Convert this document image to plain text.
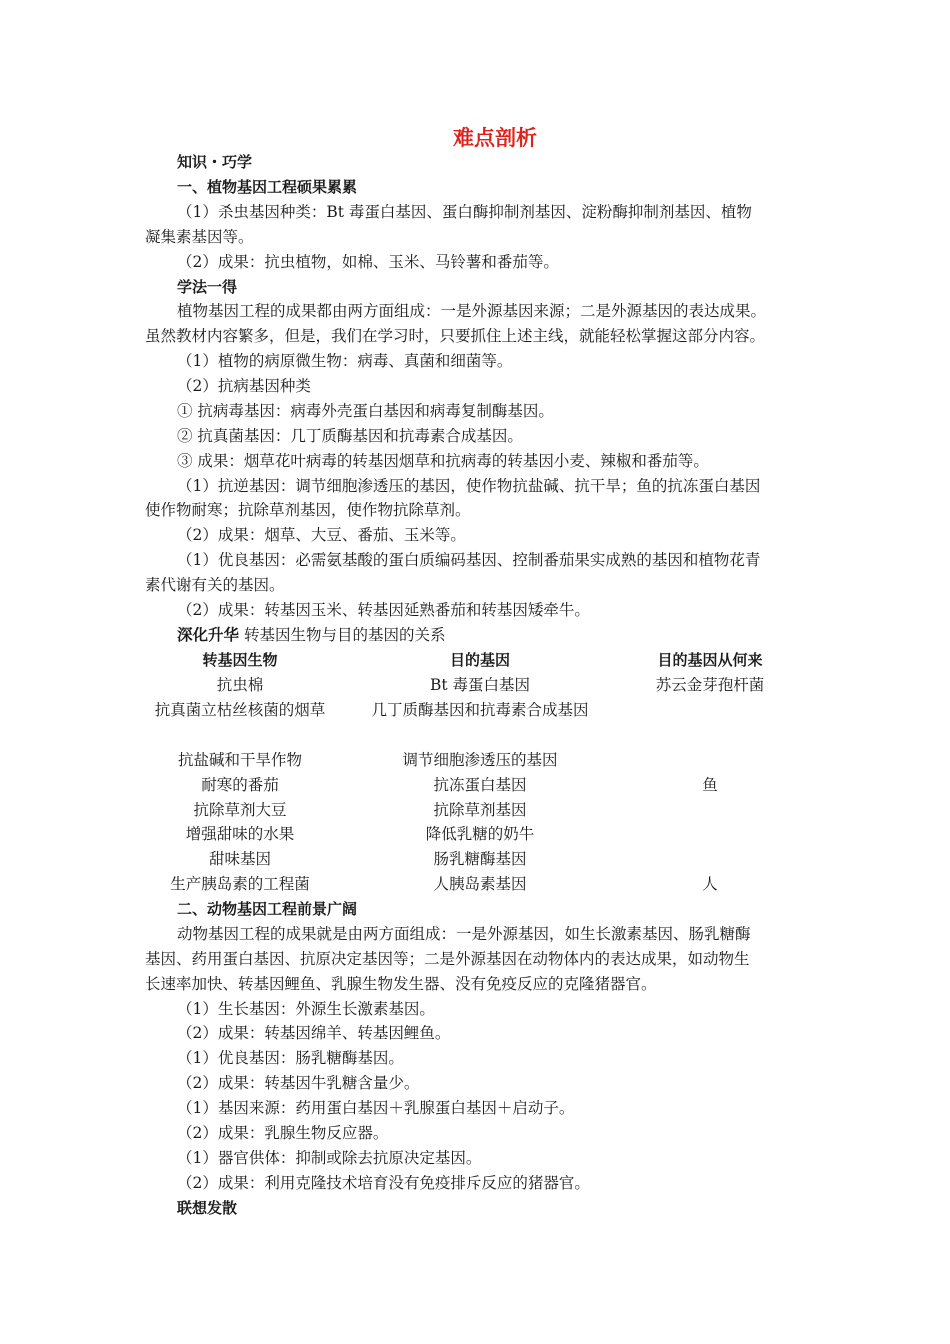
难点剖析
知识・巧学
一、植物基因工程硕果累累
（1）杀虫基因种类：Bt 毒蛋白基因、蛋白酶抑制剂基因、淀粉酶抑制剂基因、植物
凝集素基因等。
（2）成果：抗虫植物，如棉、玉米、马铃薯和番茄等。
学法一得
植物基因工程的成果都由两方面组成：一是外源基因来源；二是外源基因的表达成果。
虽然教材内容繁多，但是，我们在学习时，只要抓住上述主线，就能轻松掌握这部分内容。
（1）植物的病原微生物：病毒、真菌和细菌等。
（2）抗病基因种类
① 抗病毒基因：病毒外壳蛋白基因和病毒复制酶基因。
② 抗真菌基因：几丁质酶基因和抗毒素合成基因。
③ 成果：烟草花叶病毒的转基因烟草和抗病毒的转基因小麦、辣椒和番茄等。
（1）抗逆基因：调节细胞渗透压的基因，使作物抗盐碱、抗干旱；鱼的抗冻蛋白基因
使作物耐寒；抗除草剂基因，使作物抗除草剂。
（2）成果：烟草、大豆、番茄、玉米等。
（1）优良基因：必需氨基酸的蛋白质编码基因、控制番茄果实成熟的基因和植物花青
素代谢有关的基因。
（2）成果：转基因玉米、转基因延熟番茄和转基因矮牵牛。
深化升华 转基因生物与目的基因的关系
转基因生物	目的基因	目的基因从何来
抗虫棉	Bt 毒蛋白基因	苏云金芽孢杆菌
抗真菌立枯丝核菌的烟草	几丁质酶基因和抗毒素合成基因
抗盐碱和干旱作物	调节细胞渗透压的基因
耐寒的番茄	抗冻蛋白基因	鱼
抗除草剂大豆	抗除草剂基因
增强甜味的水果	降低乳糖的奶牛
甜味基因	肠乳糖酶基因
生产胰岛素的工程菌	人胰岛素基因	人
二、动物基因工程前景广阔
动物基因工程的成果就是由两方面组成：一是外源基因，如生长激素基因、肠乳糖酶
基因、药用蛋白基因、抗原决定基因等；二是外源基因在动物体内的表达成果，如动物生
长速率加快、转基因鲤鱼、乳腺生物发生器、没有免疫反应的克隆猪器官。
（1）生长基因：外源生长激素基因。
（2）成果：转基因绵羊、转基因鲤鱼。
（1）优良基因：肠乳糖酶基因。
（2）成果：转基因牛乳糖含量少。
（1）基因来源：药用蛋白基因＋乳腺蛋白基因＋启动子。
（2）成果：乳腺生物反应器。
（1）器官供体：抑制或除去抗原决定基因。
（2）成果：利用克隆技术培育没有免疫排斥反应的猪器官。
联想发散
